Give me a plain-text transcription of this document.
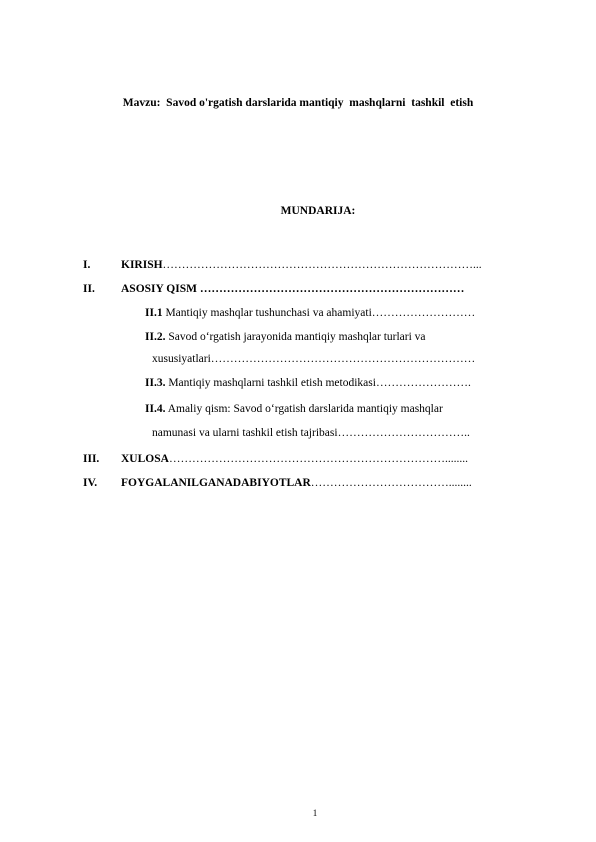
Mavzu:  Savod o'rgatish darslarida mantiqiy  mashqlarni  tashkil  etish
MUNDARIJA:
I.	KIRISH………………………………………………………………………...
II. ASOSIY QISM ……………………………………………………………
II.1 Mantiqiy mashqlar tushunchasi va ahamiyati………………………
II.2. Savod o‘rgatish jarayonida mantiqiy mashqlar turlari va
xususiyatlari……………………………………………………………
II.3. Mantiqiy mashqlarni tashkil etish metodikasi…………………….
II.4. Amaliy qism: Savod o‘rgatish darslarida mantiqiy mashqlar
namunasi va ularni tashkil etish tajribasi……………………………..
III. XULOSA………………………………………………………………........
IV. FOYGALANILGANADABIYOTLAR………………………………........
1
